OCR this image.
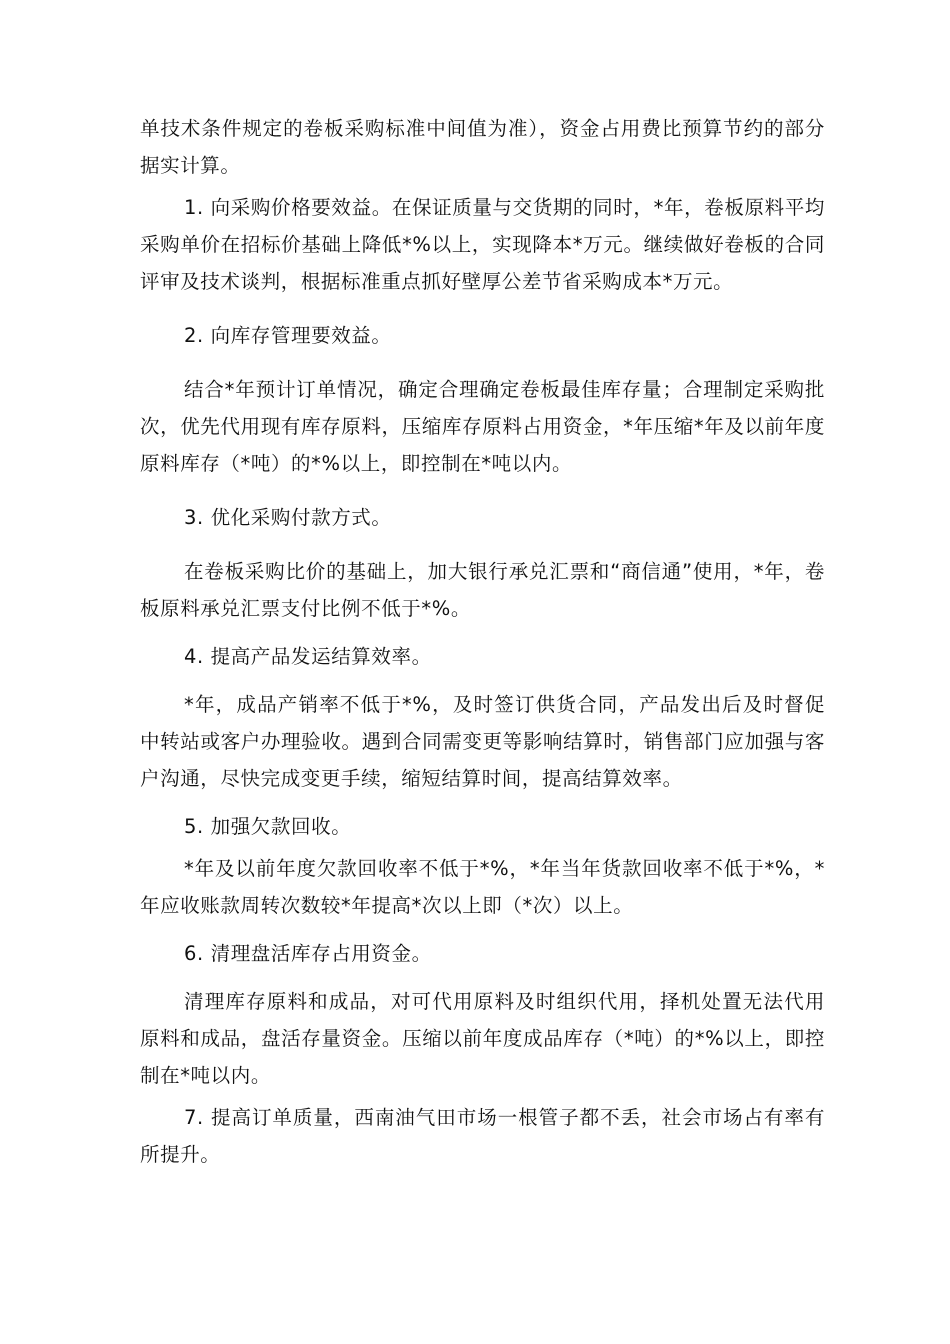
单技术条件规定的卷板采购标准中间值为准），资金占用费比预算节约的部分据实计算。

1. 向采购价格要效益。在保证质量与交货期的同时，*年，卷板原料平均采购单价在招标价基础上降低*%以上，实现降本*万元。继续做好卷板的合同评审及技术谈判，根据标准重点抓好壁厚公差节省采购成本*万元。

2. 向库存管理要效益。

结合*年预计订单情况，确定合理确定卷板最佳库存量；合理制定采购批次，优先代用现有库存原料，压缩库存原料占用资金，*年压缩*年及以前年度原料库存（*吨）的*%以上，即控制在*吨以内。

3. 优化采购付款方式。

在卷板采购比价的基础上，加大银行承兑汇票和“商信通”使用，*年，卷板原料承兑汇票支付比例不低于*%。

4. 提高产品发运结算效率。

*年，成品产销率不低于*%，及时签订供货合同，产品发出后及时督促中转站或客户办理验收。遇到合同需变更等影响结算时，销售部门应加强与客户沟通，尽快完成变更手续，缩短结算时间，提高结算效率。

5. 加强欠款回收。

*年及以前年度欠款回收率不低于*%，*年当年货款回收率不低于*%，*年应收账款周转次数较*年提高*次以上即（*次）以上。

6. 清理盘活库存占用资金。

清理库存原料和成品，对可代用原料及时组织代用，择机处置无法代用原料和成品，盘活存量资金。压缩以前年度成品库存（*吨）的*%以上，即控制在*吨以内。

7. 提高订单质量，西南油气田市场一根管子都不丢，社会市场占有率有所提升。
